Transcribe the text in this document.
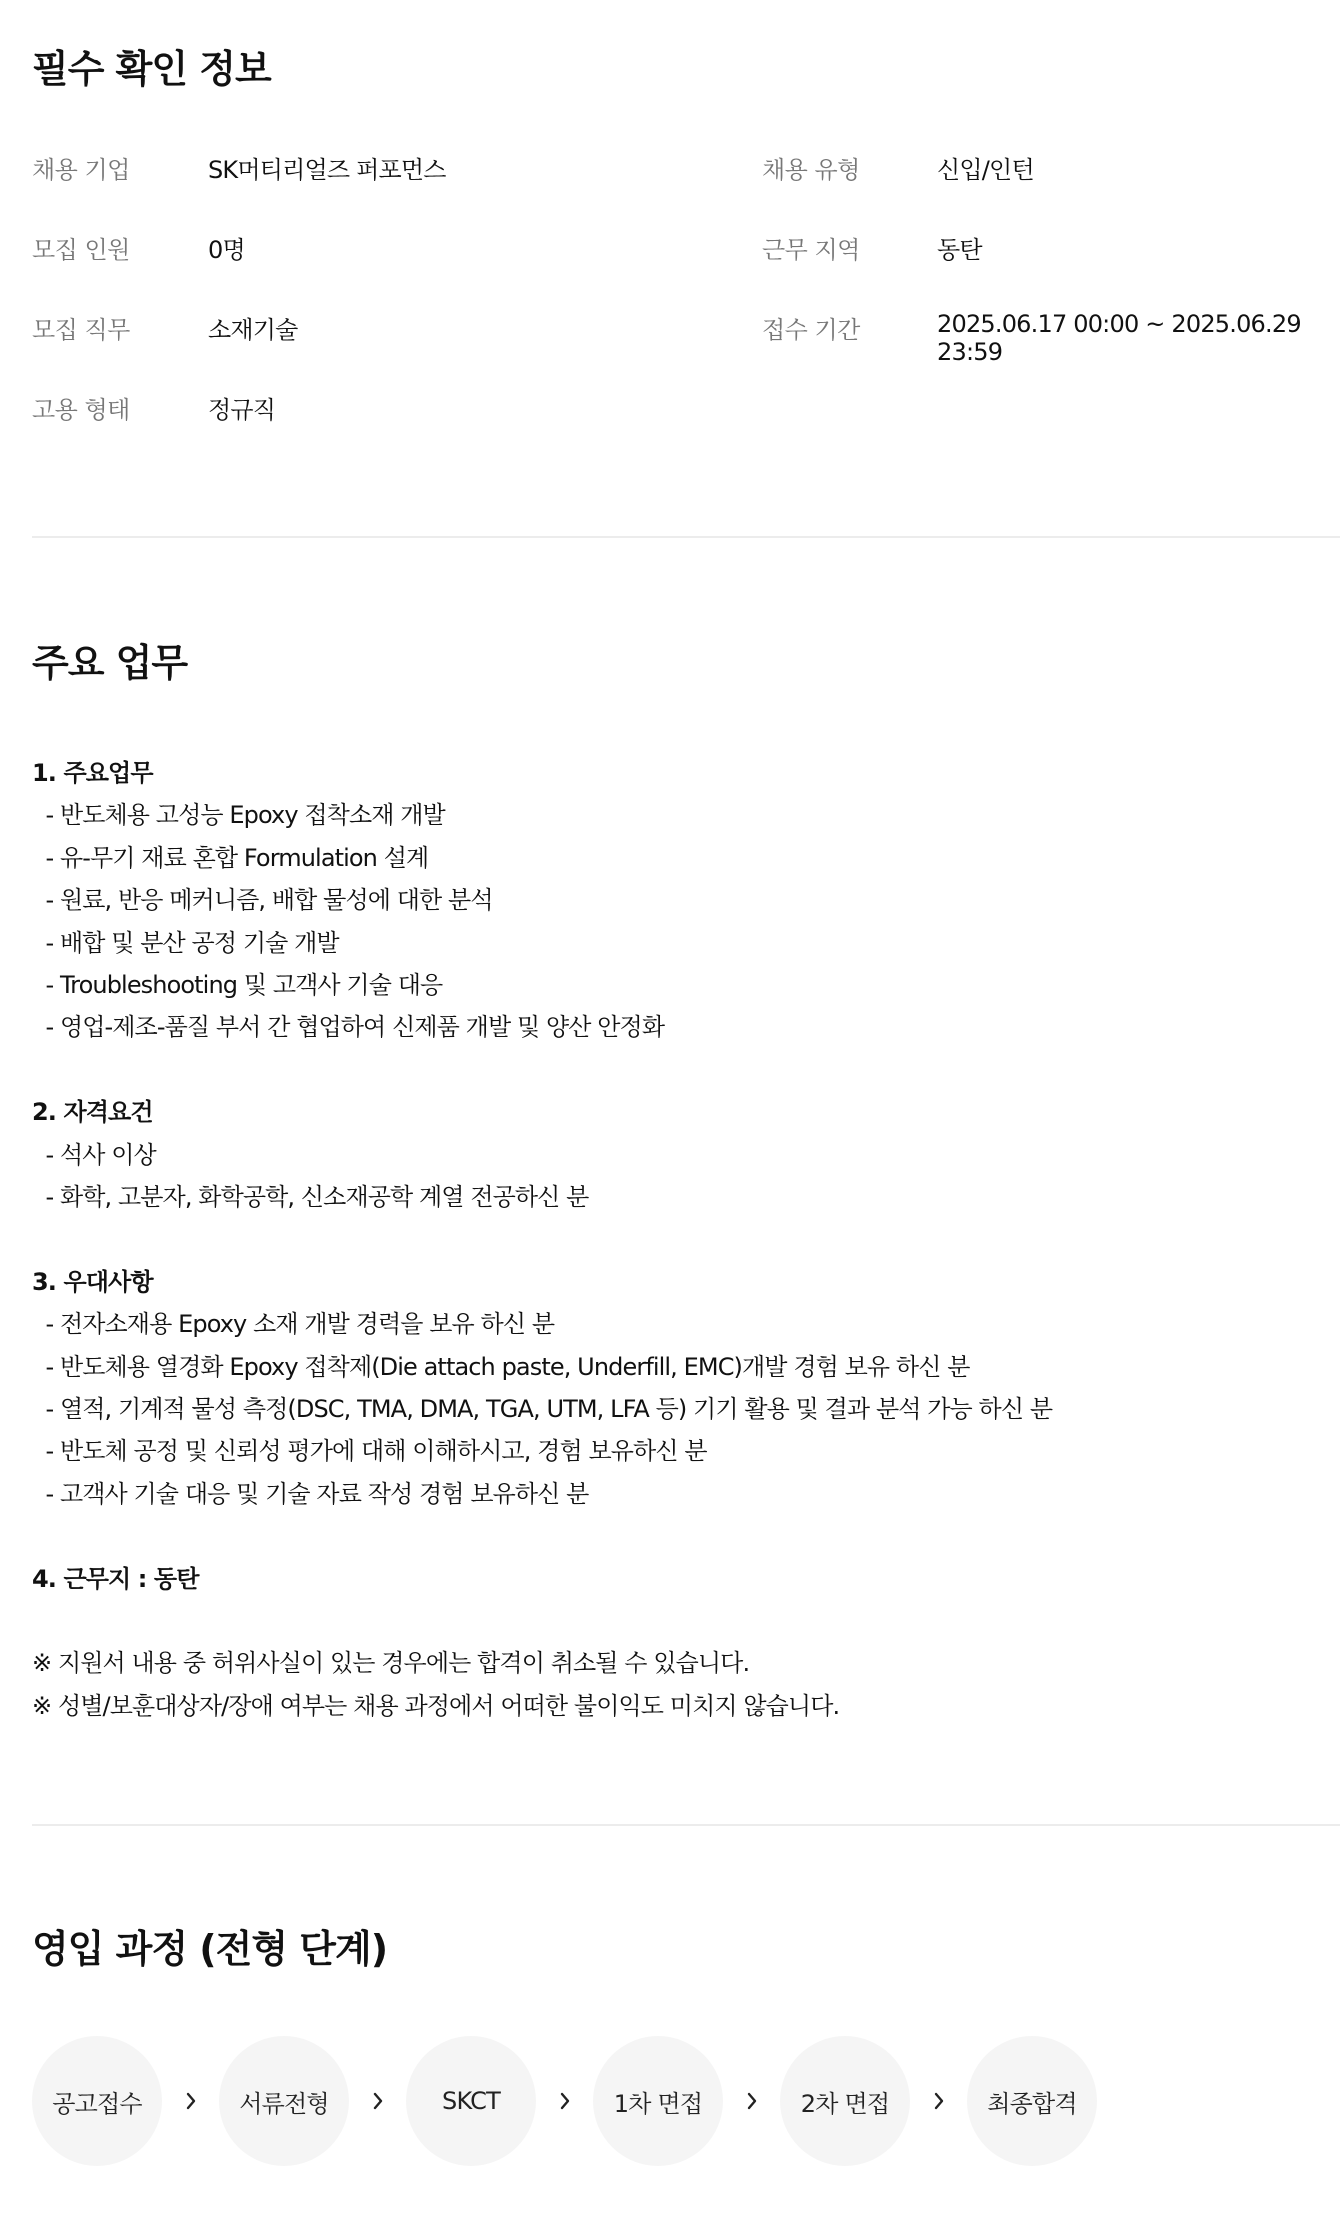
필수 확인 정보
채용 기업	SK머티리얼즈 퍼포먼스	채용 유형	신입/인턴
모집 인원	0명	근무 지역	동탄
모집 직무	소재기술	접수 기간	2025.06.17 00:00 ~ 2025.06.29 23:59
고용 형태	정규직
주요 업무
1. 주요업무
- 반도체용 고성능 Epoxy 접착소재 개발
- 유-무기 재료 혼합 Formulation 설계
- 원료, 반응 메커니즘, 배합 물성에 대한 분석
- 배합 및 분산 공정 기술 개발
- Troubleshooting 및 고객사 기술 대응
- 영업-제조-품질 부서 간 협업하여 신제품 개발 및 양산 안정화
2. 자격요건
- 석사 이상
- 화학, 고분자, 화학공학, 신소재공학 계열 전공하신 분
3. 우대사항
- 전자소재용 Epoxy 소재 개발 경력을 보유 하신 분
- 반도체용 열경화 Epoxy 접착제(Die attach paste, Underfill, EMC)개발 경험 보유 하신 분
- 열적, 기계적 물성 측정(DSC, TMA, DMA, TGA, UTM, LFA 등) 기기 활용 및 결과 분석 가능 하신 분
- 반도체 공정 및 신뢰성 평가에 대해 이해하시고, 경험 보유하신 분
- 고객사 기술 대응 및 기술 자료 작성 경험 보유하신 분
4. 근무지 : 동탄
※ 지원서 내용 중 허위사실이 있는 경우에는 합격이 취소될 수 있습니다.
※ 성별/보훈대상자/장애 여부는 채용 과정에서 어떠한 불이익도 미치지 않습니다.
영입 과정 (전형 단계)
공고접수	서류전형	SKCT	1차 면접	2차 면접	최종합격
